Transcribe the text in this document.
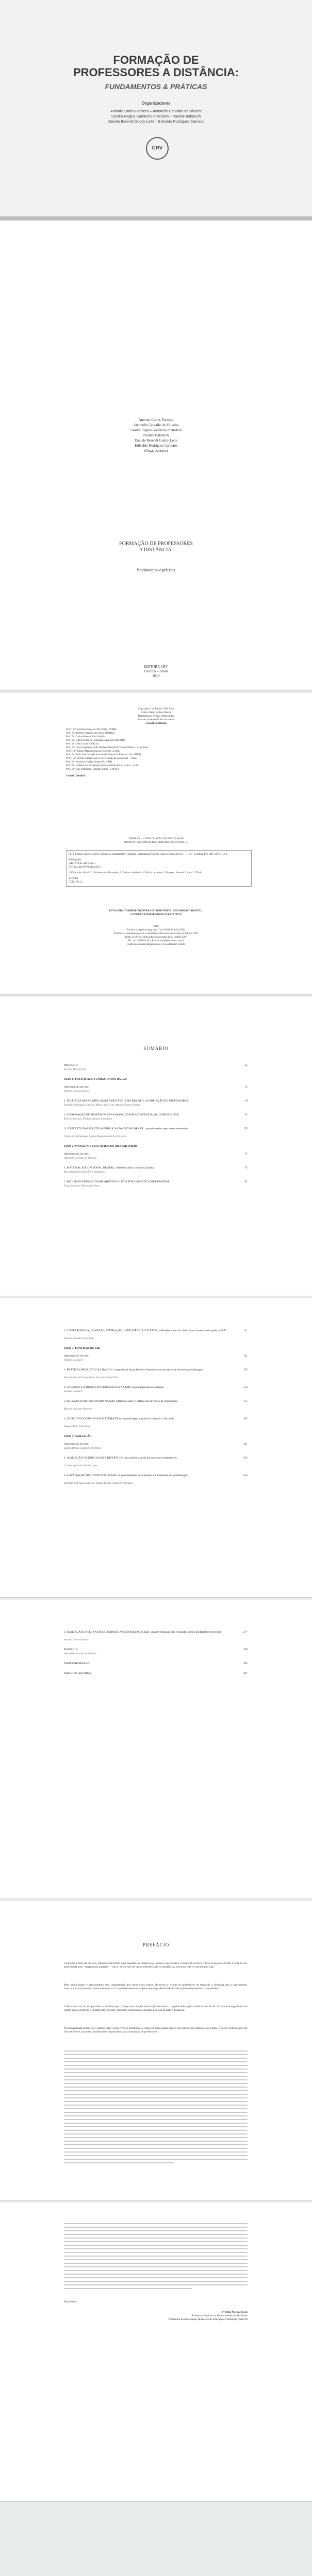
FORMAÇÃO DE
PROFESSORES A DISTÂNCIA:
FUNDAMENTOS & PRÁTICAS
Organizadores
Antonio Carlos Fonseca – Antonelle Carvalho de Oliveira
Sandra Regina Gardacho Pietrobon – Pauline Balabuch
Daniele Berendt Godoy Lotte – Edivaldo Rodrigues Carneiro
CRV
Antonio Carlos Fonseca
Antonelle Carvalho de Oliveira
Sandra Regina Gardacho Pietrobon
Pauline Balabuch
Daniele Berendt Godoy Lotte
Edivaldo Rodrigues Carneiro
(Organizadores)
FORMAÇÃO DE PROFESSORES
A DISTÂNCIA:
fundamentos e práticas
EDITORA CRV
Curitiba – Brasil
2018
Copyright © da Editora CRV Ltda.
Editor-chefe: Railson Moura
Diagramação e Capa: Editora CRV
Revisão: Analista de Escrita e Artes
Conselho Editorial:
Profª. Drª. Andréa Gomes da Silva Dias (UFRRJ)
Prof. Dr. Antônio Pereira Gaio Júnior (UFRRJ)
Prof. Dr. Carlos Alberto Vilar Estêvão
Prof. Dr. Carlos Federico Dominguez Avila (UNIEURO)
Prof. Dr. Celso Conti (UFSCar)
Prof. Dr. Cesar Gerónimo Tello (Univer. Nacional Três de Febrero – Argentina)
Profª. Drª. Elione Maria Nogueira Diogenes (UFAL)
Prof. Dr. Élsio José Corá (Universidade Federal da Fronteira Sul, UFFS)
Profª. Drª. Gloria Fariñas León (Universidade de La Havana – Cuba)
Prof. Dr. Francisco Carlos Duarte (PUC-PR)
Prof. Dr. Guillermo Arias Beatón (Universidade de La Havana – Cuba)
Prof. Dr. João Adalberto Campato Junior (UNESP)
Comitê Científico:
CIP-BRASIL. CATALOGAÇÃO NA PUBLICAÇÃO
SINDICATO NACIONAL DOS EDITORES DE LIVROS, RJ
F81 Formação de professores a distância: fundamentos e práticas / organização Antonio Carlos Fonseca [et al.]. – 1. ed. – Curitiba, PR: CRV, 2018. 316 p.
Bibliografia
ISBN 978-85-444-2365-5
DOI 10.24824/978854442365.5
1. Educação – Brasil. 2. Professores – Formação. 3. Ensino a distância. 4. Prática de ensino. I. Fonseca, Antonio Carlos. II. Título.
18-53021
CDD: 371.12
ESTA OBRA TAMBÉM ENCONTRA-SE DISPONÍVEL EM FORMATO DIGITAL.
CONHEÇA E BAIXE NOSSO APLICATIVO!
2018
Foi feito o depósito legal conf. Lei 10.994 de 14/12/2004
Proibida a reprodução parcial ou total desta obra sem autorização da Editora CRV
Todos os direitos desta edição reservados pela: Editora CRV
Tel.: (41) 3039-6418 – E-mail: sac@editoracrv.com.br
Conheça os nossos lançamentos: www.editoracrv.com.br
SUMÁRIO
PREFÁCIO	11
Everton Michael Lôis
EIXO 1: POLÍTICAS E FUNDAMENTOS DA EaD
Apresentação do eixo	15
Antonio Carlos Fonseca
1. POLÍTICAS PARA A EDUCAÇÃO A DISTÂNCIA NO BRASIL E A FORMAÇÃO DE PROFESSORES	19
Edivaldo Rodrigues Carneiro, Márcio Luiz Cruz, Antonio Carlos Fonseca
2. A FORMAÇÃO DE PROFESSORES NA MODALIDADE A DISTÂNCIA: da UNIREDE à UAB	37
Marcelo da Silva, Fabiano Antonio dos Santos
3. CONTEXTO DAS POLÍTICAS PÚBLICAS DA EaD NO BRASIL: aproximações e percursos necessários	55
Gisele Alves Rodrigues, Sandra Regina Gardacho Pietrobon
EIXO 2: MATERIAIS EDUCACIONAIS DIGITAIS (MED)
Apresentação do eixo	71
Antonelle Carvalho de Oliveira
1. MATERIAL EDUCACIONAL DIGITAL: reflexões sobre a teoria e a prática	75
Mara Regina Kossoski Felix Rodrigues
2. RECURSOS EDUCACIONAIS ABERTOS VISTOS POR UMA ÓTICA MULTIMODAL	91
Eliseu Moreira, Dilermando Pinto
3. CONVERGÊNCIA, CONEXÃO, INTERAÇÃO, INTELIGÊNCIA COLETIVA: reflexões acerca da cibercultura e suas implicações na EaD	111
Daniele Berendt Godoy Lotte
EIXO 3: PRÁTICAS DE EaD
Apresentação do eixo	131
Pauline Balabuch
1. PRÁTICAS PEDAGÓGICAS NA EaD: a experiência de professores formadores no processo de ensino e aprendizagem	135
Daniele Berendt Godoy Lotte, Everton Michael Lôis
2. O ENSINO E A MEDIAÇÃO PEDAGÓGICA NA EaD: do planejamento à avaliação	153
Pauline Balabuch
3. ESTÁGIO SUPERVISIONADO NA EaD: refletindo sobre o estágio em um curso de licenciatura	175
Marcos Henrique Pinheiro
4. O ESTUDO DO ENSINO DA MATEMÁTICA: aprendizagem e práticas no ensino a distância	197
Wagner Alves Pinto Dias
EIXO 4: AVALIAÇÃO
Apresentação do eixo	221
Sandra Regina Gardacho Pietrobon
1. AVALIAÇÃO DA EDUCAÇÃO A DISTÂNCIA: uma análise a partir dos processos regulatórios	225
Luciane Aparecida Farias Lopes
2. A AVALIAÇÃO NO CONTEXTO DA EaD: as possibilidades de avaliação em ambientes de aprendizagem	243
Edivaldo Rodrigues Carneiro, Sandra Regina Gardacho Pietrobon
3. AVALIAÇÃO EXTERNA EM QUALIDADE NA MODALIDADE EaD: uma investigação dos resultados com a modalidade presencial	277
Antonio Carlos Fonseca
POSFÁCIO	299
Antonelle Carvalho de Oliveira
ÍNDICE REMISSIVO	303
SOBRE OS AUTORES	307
PREFÁCIO
Contando a meia de um ano, tentando aproximar uma sugestão ao mundo hoje, acima a sua forma e o modo de escrever como as pessoas diziam a vida na rua, atravessada num "imaginando palhacin" – não é, eu ofereço de uma conferência de circunstâncias, de palco vida e conexão por vida.
Mas, ainda assim, é precisamente essa compreensão que recorre aos outros. Os textos e relatos de professores da educação a distância que se apresentam, mostram a cada passo o contexto formativo, a complexidade e os projetos que os profissionais da educação se dispuseram a compartilhar.
Cabe a cada um, ao ler, perceber os desafios que o tempo atual impõe à formação docente e o papel da educação a distância no Brasil. O livro está organizado em quatro eixos: políticas e fundamentos da EaD, materiais educacionais digitais, práticas de EaD e avaliação.
Na universidade brasileira, o debate sobre a EaD vem se ampliando, e cada vez mais ganha espaço nas instituições públicas e privadas. É nesse contexto que este livro se insere, trazendo contribuições importantes para a formação de professores.
Boa leitura!
Everton Michael Lôis
Professor Emérito da Universidade de São Paulo
Presidente da Associação Brasileira de Educação a Distância (ABED)
